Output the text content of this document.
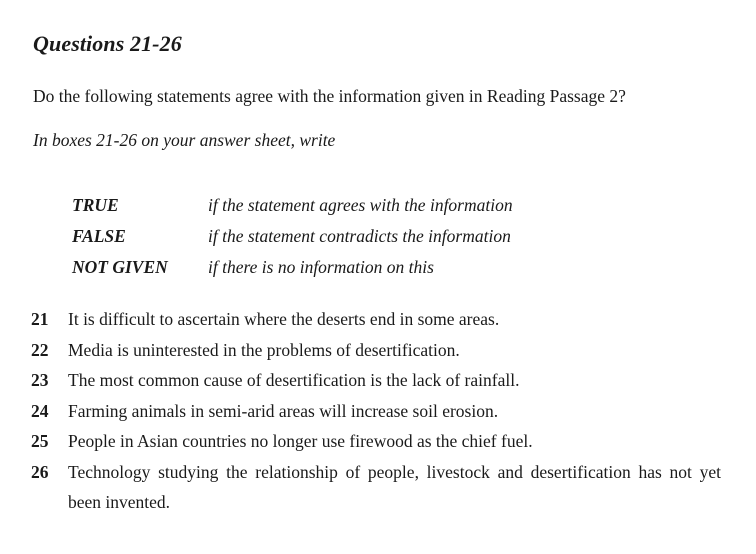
Questions 21-26

Do the following statements agree with the information given in Reading Passage 2?

In boxes 21-26 on your answer sheet, write

TRUE	if the statement agrees with the information
FALSE	if the statement contradicts the information
NOT GIVEN	if there is no information on this
21	It is difficult to ascertain where the deserts end in some areas.
22	Media is uninterested in the problems of desertification.
23	The most common cause of desertification is the lack of rainfall.
24	Farming animals in semi-arid areas will increase soil erosion.
25	People in Asian countries no longer use firewood as the chief fuel.
26	Technology studying the relationship of people, livestock and desertification has not yet been invented.
